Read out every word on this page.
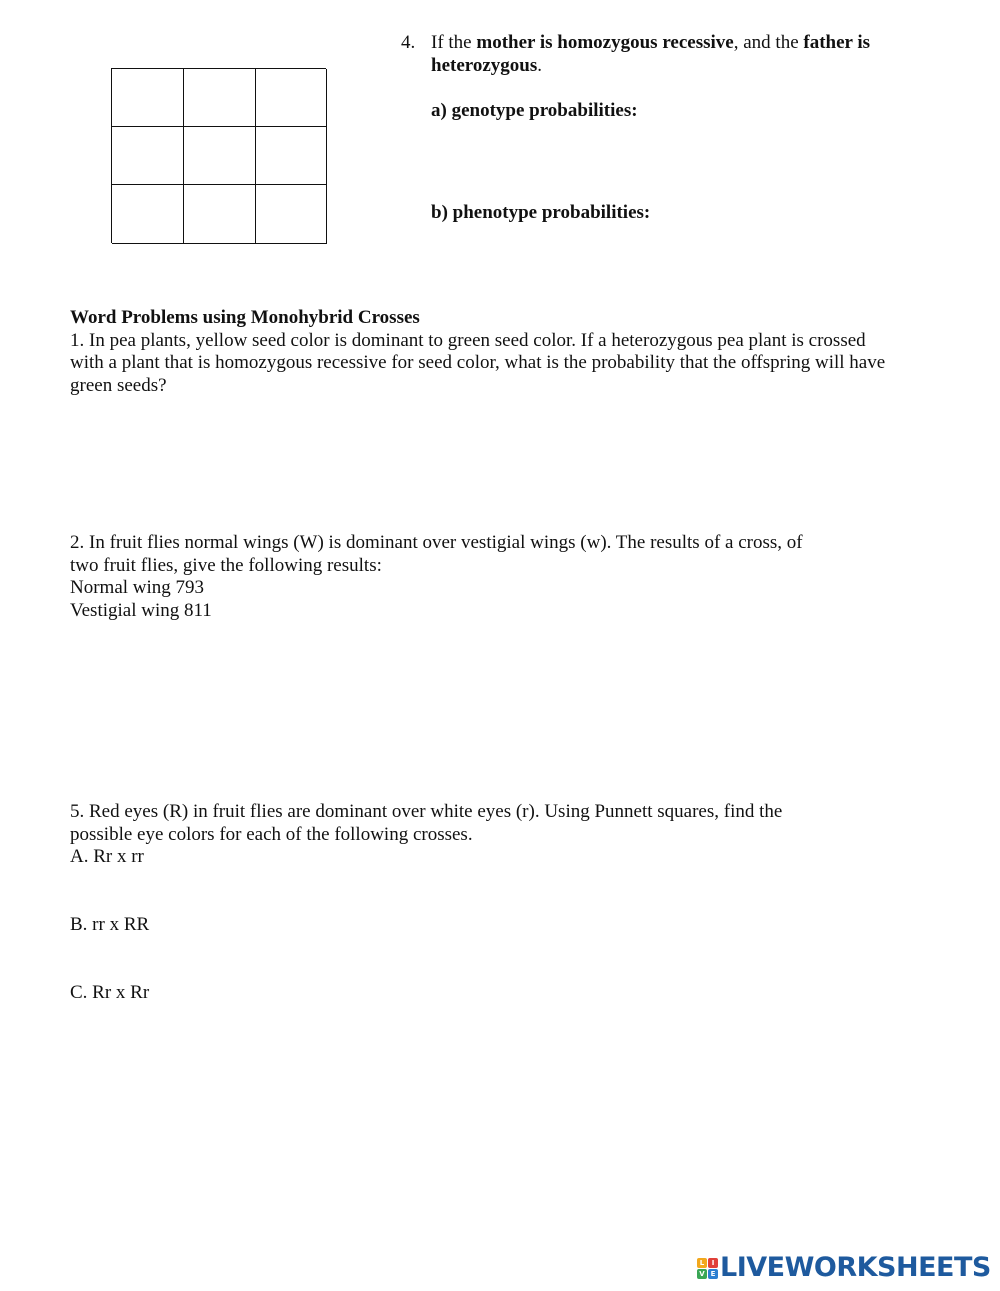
4. If the mother is homozygous recessive, and the father is
heterozygous.
a) genotype probabilities:
b) phenotype probabilities:
Word Problems using Monohybrid Crosses
1. In pea plants, yellow seed color is dominant to green seed color. If a heterozygous pea plant is crossed
with a plant that is homozygous recessive for seed color, what is the probability that the offspring will have
green seeds?
2. In fruit flies normal wings (W) is dominant over vestigial wings (w). The results of a cross, of
two fruit flies, give the following results:
Normal wing 793
Vestigial wing 811
5. Red eyes (R) in fruit flies are dominant over white eyes (r). Using Punnett squares, find the
possible eye colors for each of the following crosses.
A. Rr x rr
B. rr x RR
C. Rr x Rr
L	I
V E LIVEWORKSHEETS
